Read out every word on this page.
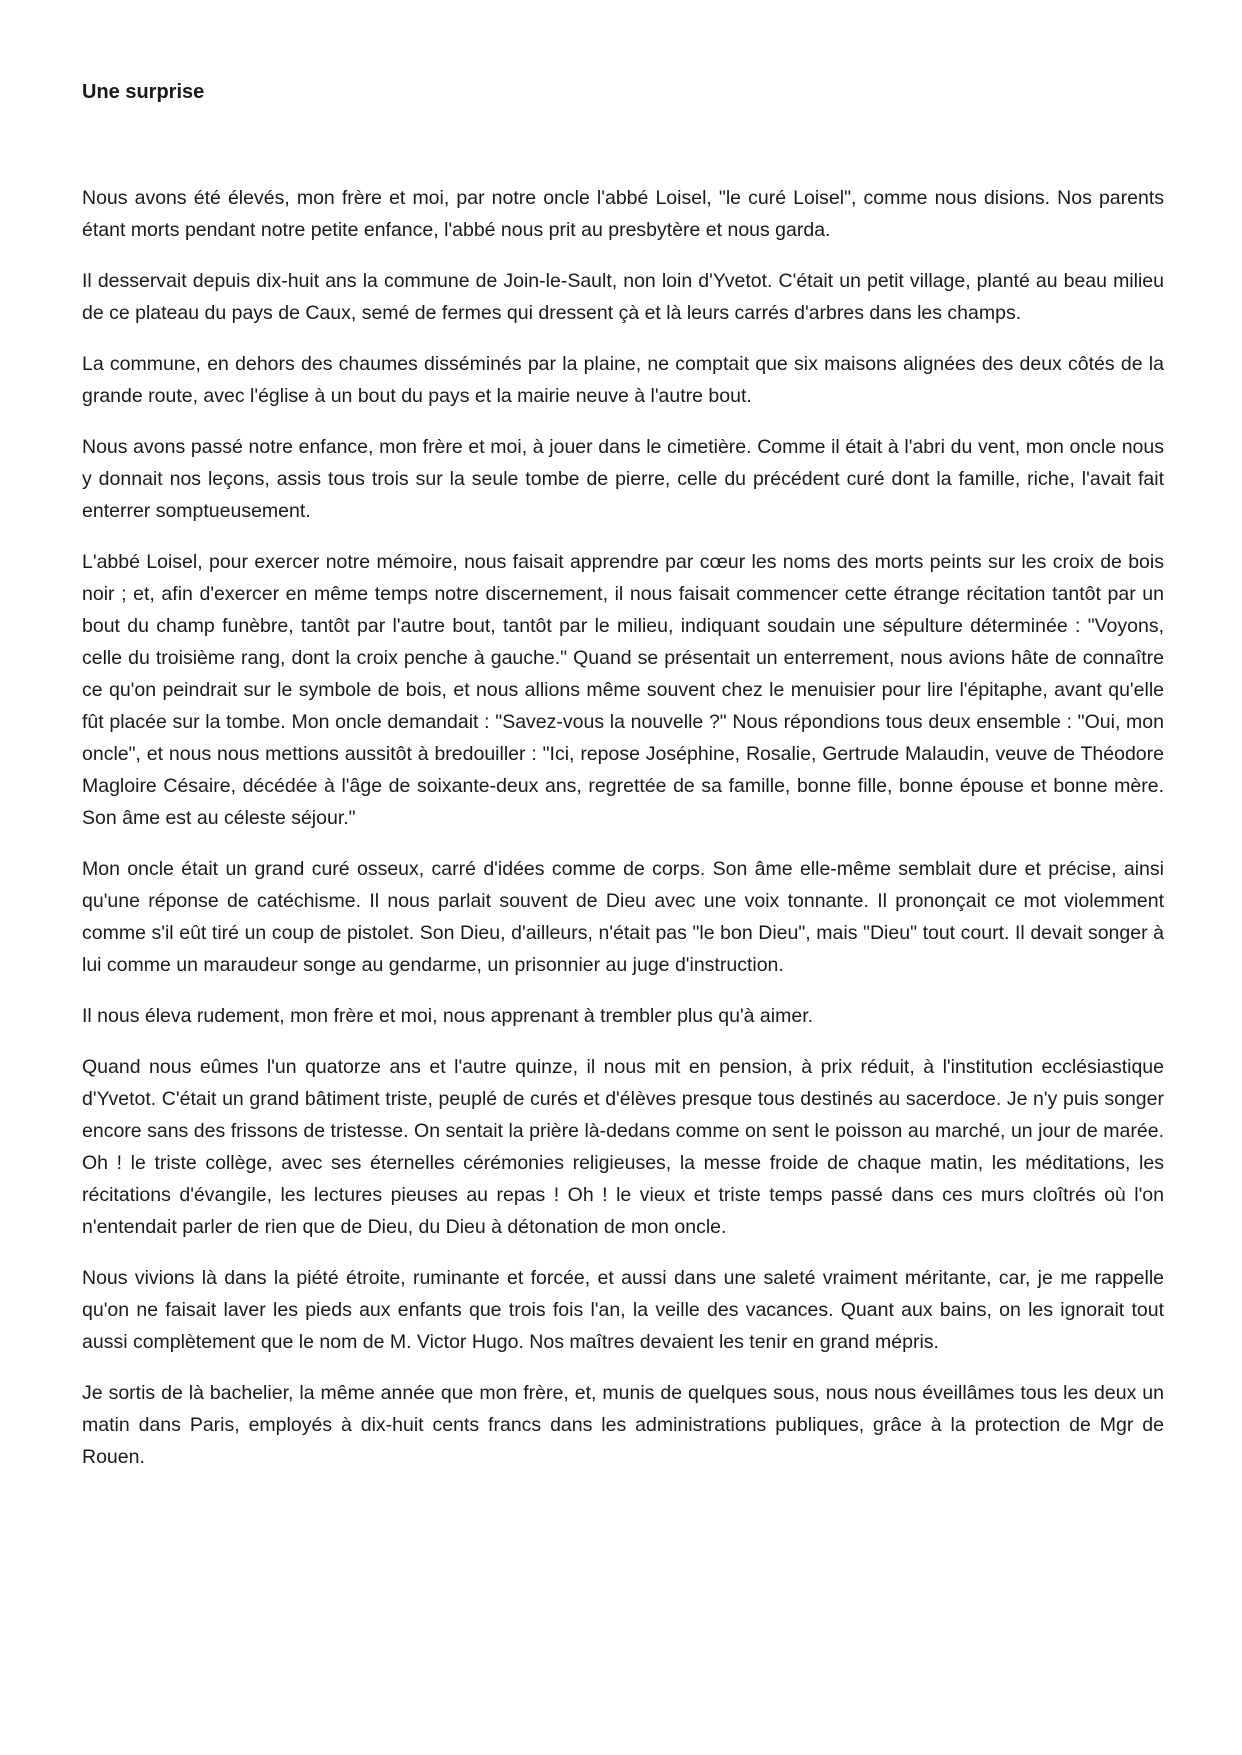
Une surprise

Nous avons été élevés, mon frère et moi, par notre oncle l'abbé Loisel, "le curé Loisel", comme nous disions. Nos parents étant morts pendant notre petite enfance, l'abbé nous prit au presbytère et nous garda.

Il desservait depuis dix-huit ans la commune de Join-le-Sault, non loin d'Yvetot. C'était un petit village, planté au beau milieu de ce plateau du pays de Caux, semé de fermes qui dressent çà et là leurs carrés d'arbres dans les champs.

La commune, en dehors des chaumes disséminés par la plaine, ne comptait que six maisons alignées des deux côtés de la grande route, avec l'église à un bout du pays et la mairie neuve à l'autre bout.

Nous avons passé notre enfance, mon frère et moi, à jouer dans le cimetière. Comme il était à l'abri du vent, mon oncle nous y donnait nos leçons, assis tous trois sur la seule tombe de pierre, celle du précédent curé dont la famille, riche, l'avait fait enterrer somptueusement.

L'abbé Loisel, pour exercer notre mémoire, nous faisait apprendre par cœur les noms des morts peints sur les croix de bois noir ; et, afin d'exercer en même temps notre discernement, il nous faisait commencer cette étrange récitation tantôt par un bout du champ funèbre, tantôt par l'autre bout, tantôt par le milieu, indiquant soudain une sépulture déterminée : "Voyons, celle du troisième rang, dont la croix penche à gauche." Quand se présentait un enterrement, nous avions hâte de connaître ce qu'on peindrait sur le symbole de bois, et nous allions même souvent chez le menuisier pour lire l'épitaphe, avant qu'elle fût placée sur la tombe. Mon oncle demandait : "Savez-vous la nouvelle ?" Nous répondions tous deux ensemble : "Oui, mon oncle", et nous nous mettions aussitôt à bredouiller : "Ici, repose Joséphine, Rosalie, Gertrude Malaudin, veuve de Théodore Magloire Césaire, décédée à l'âge de soixante-deux ans, regrettée de sa famille, bonne fille, bonne épouse et bonne mère. Son âme est au céleste séjour."

Mon oncle était un grand curé osseux, carré d'idées comme de corps. Son âme elle-même semblait dure et précise, ainsi qu'une réponse de catéchisme. Il nous parlait souvent de Dieu avec une voix tonnante. Il prononçait ce mot violemment comme s'il eût tiré un coup de pistolet. Son Dieu, d'ailleurs, n'était pas "le bon Dieu", mais "Dieu" tout court. Il devait songer à lui comme un maraudeur songe au gendarme, un prisonnier au juge d'instruction.

Il nous éleva rudement, mon frère et moi, nous apprenant à trembler plus qu'à aimer.

Quand nous eûmes l'un quatorze ans et l'autre quinze, il nous mit en pension, à prix réduit, à l'institution ecclésiastique d'Yvetot. C'était un grand bâtiment triste, peuplé de curés et d'élèves presque tous destinés au sacerdoce. Je n'y puis songer encore sans des frissons de tristesse. On sentait la prière là-dedans comme on sent le poisson au marché, un jour de marée. Oh ! le triste collège, avec ses éternelles cérémonies religieuses, la messe froide de chaque matin, les méditations, les récitations d'évangile, les lectures pieuses au repas ! Oh ! le vieux et triste temps passé dans ces murs cloîtrés où l'on n'entendait parler de rien que de Dieu, du Dieu à détonation de mon oncle.

Nous vivions là dans la piété étroite, ruminante et forcée, et aussi dans une saleté vraiment méritante, car, je me rappelle qu'on ne faisait laver les pieds aux enfants que trois fois l'an, la veille des vacances. Quant aux bains, on les ignorait tout aussi complètement que le nom de M. Victor Hugo. Nos maîtres devaient les tenir en grand mépris.

Je sortis de là bachelier, la même année que mon frère, et, munis de quelques sous, nous nous éveillâmes tous les deux un matin dans Paris, employés à dix-huit cents francs dans les administrations publiques, grâce à la protection de Mgr de Rouen.
